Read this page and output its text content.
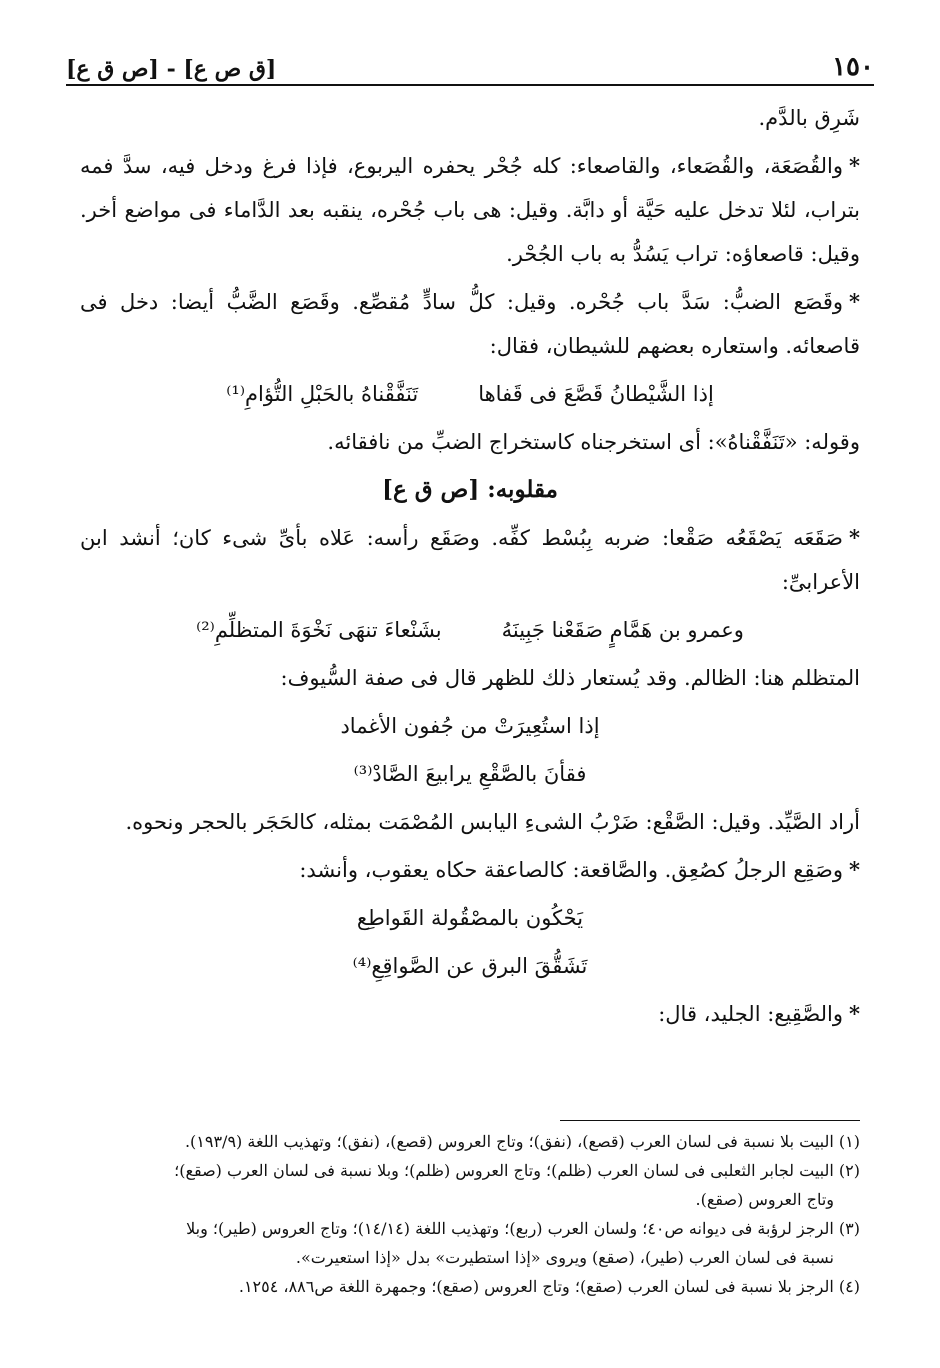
١٥٠
[ق ص ع] - [ص ق ع]

شَرِق بالدَّم.

*والقُصَعَة، والقُصَعاء، والقاصعاء: كله جُحْر يحفره اليربوع، فإذا فرغ ودخل فيه، سدَّ فمه بتراب، لئلا تدخل عليه حَيَّة أو دابَّة. وقيل: هى باب جُحْره، ينقبه بعد الدَّاماء فى مواضع أخر. وقيل: قاصعاؤه: تراب يَسُدُّ به باب الجُحْر.

*وقَصَع الضبُّ: سَدَّ باب جُحْره. وقيل: كلُّ سادٍّ مُقصِّع. وقَصَع الضَّبُّ أيضا: دخل فى قاصعائه. واستعاره بعضهم للشيطان، فقال:

إذا الشَّيْطانُ قَصَّعَ فى قَفاها
تَنَفَّقْناهُ بالحَبْلِ التُّؤامِ⁽¹⁾

وقوله: «تَنَفَّقْناهُ»: أى استخرجناه كاستخراج الضبِّ من نافقائه.

مقلوبه: [ص ق ع]

*صَقَعَه يَصْقَعُه صَقْعا: ضربه بِبُسْط كفِّه. وصَقَع رأسه: عَلاه بأىِّ شىء كان؛ أنشد ابن الأعرابىِّ:

وعمرو بن هَمَّامٍ صَقَعْنا جَبِينَهُ
بشَنْعاءَ تنهَى نَخْوَةَ المتظلِّمِ⁽²⁾

المتظلم هنا: الظالم. وقد يُستعار ذلك للظهر قال فى صفة السُّيوف:

إذا استُعِيرَتْ من جُفون الأغماد

فقأنَ بالصَّقْعِ يرابيعَ الصَّادْ⁽³⁾

أراد الصَّيِّد. وقيل: الصَّقْع: ضَرْبُ الشىءِ اليابس المُصْمَت بمثله، كالحَجَر بالحجر ونحوه.

*وصَقِع الرجلُ كصُعِق. والصَّاقعة: كالصاعقة حكاه يعقوب، وأنشد:

يَحْكُون بالمصْقُولة القَواطِع

تَشَقُّقَ البرق عن الصَّواقِعِ⁽⁴⁾

*والصَّقِيع: الجليد، قال:

(١) البيت بلا نسبة فى لسان العرب (قصع)، (نفق)؛ وتاج العروس (قصع)، (نفق)؛ وتهذيب اللغة (١٩٣/٩).

(٢) البيت لجابر الثعلبى فى لسان العرب (ظلم)؛ وتاج العروس (ظلم)؛ وبلا نسبة فى لسان العرب (صقع)؛

وتاج العروس (صقع).

(٣) الرجز لرؤبة فى ديوانه ص٤٠؛ ولسان العرب (ربع)؛ وتهذيب اللغة (١٤/١٤)؛ وتاج العروس (طير)؛ وبلا

نسبة فى لسان العرب (طير)، (صقع) ويروى «إذا استطيرت» بدل «إذا استعيرت».

(٤) الرجز بلا نسبة فى لسان العرب (صقع)؛ وتاج العروس (صقع)؛ وجمهرة اللغة ص٨٨٦، ١٢٥٤.
